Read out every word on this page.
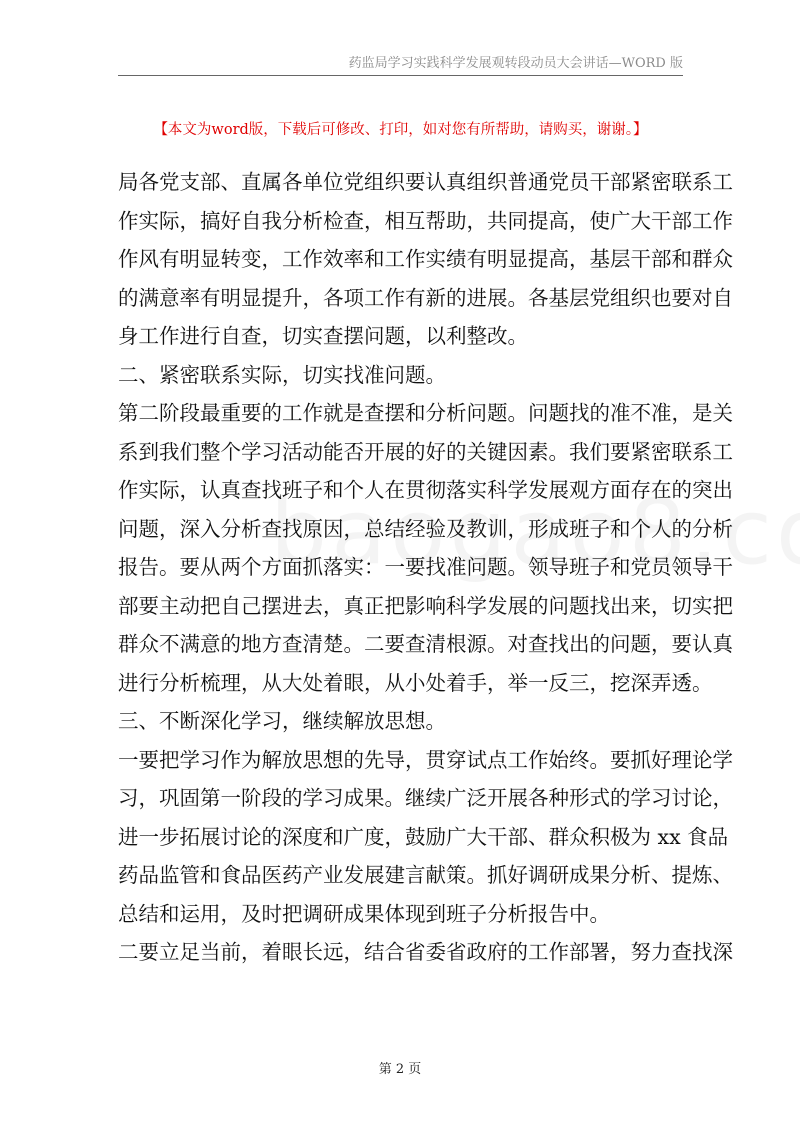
药监局学习实践科学发展观转段动员大会讲话—WORD 版
【本文为word版，下载后可修改、打印，如对您有所帮助，请购买，谢谢。】
局各党支部、直属各单位党组织要认真组织普通党员干部紧密联系工
作实际，搞好自我分析检查，相互帮助，共同提高，使广大干部工作
作风有明显转变，工作效率和工作实绩有明显提高，基层干部和群众
的满意率有明显提升，各项工作有新的进展。各基层党组织也要对自
身工作进行自查，切实查摆问题，以利整改。
二、紧密联系实际，切实找准问题。
第二阶段最重要的工作就是查摆和分析问题。问题找的准不准，是关
系到我们整个学习活动能否开展的好的关键因素。我们要紧密联系工
作实际，认真查找班子和个人在贯彻落实科学发展观方面存在的突出
问题，深入分析查找原因，总结经验及教训，形成班子和个人的分析
报告。要从两个方面抓落实：一要找准问题。领导班子和党员领导干
部要主动把自己摆进去，真正把影响科学发展的问题找出来，切实把
群众不满意的地方查清楚。二要查清根源。对查找出的问题，要认真
进行分析梳理，从大处着眼，从小处着手，举一反三，挖深弄透。
三、不断深化学习，继续解放思想。
一要把学习作为解放思想的先导，贯穿试点工作始终。要抓好理论学
习，巩固第一阶段的学习成果。继续广泛开展各种形式的学习讨论，
进一步拓展讨论的深度和广度，鼓励广大干部、群众积极为 xx 食品
药品监管和食品医药产业发展建言献策。抓好调研成果分析、提炼、
总结和运用，及时把调研成果体现到班子分析报告中。
二要立足当前，着眼长远，结合省委省政府的工作部署，努力查找深
第 2 页
